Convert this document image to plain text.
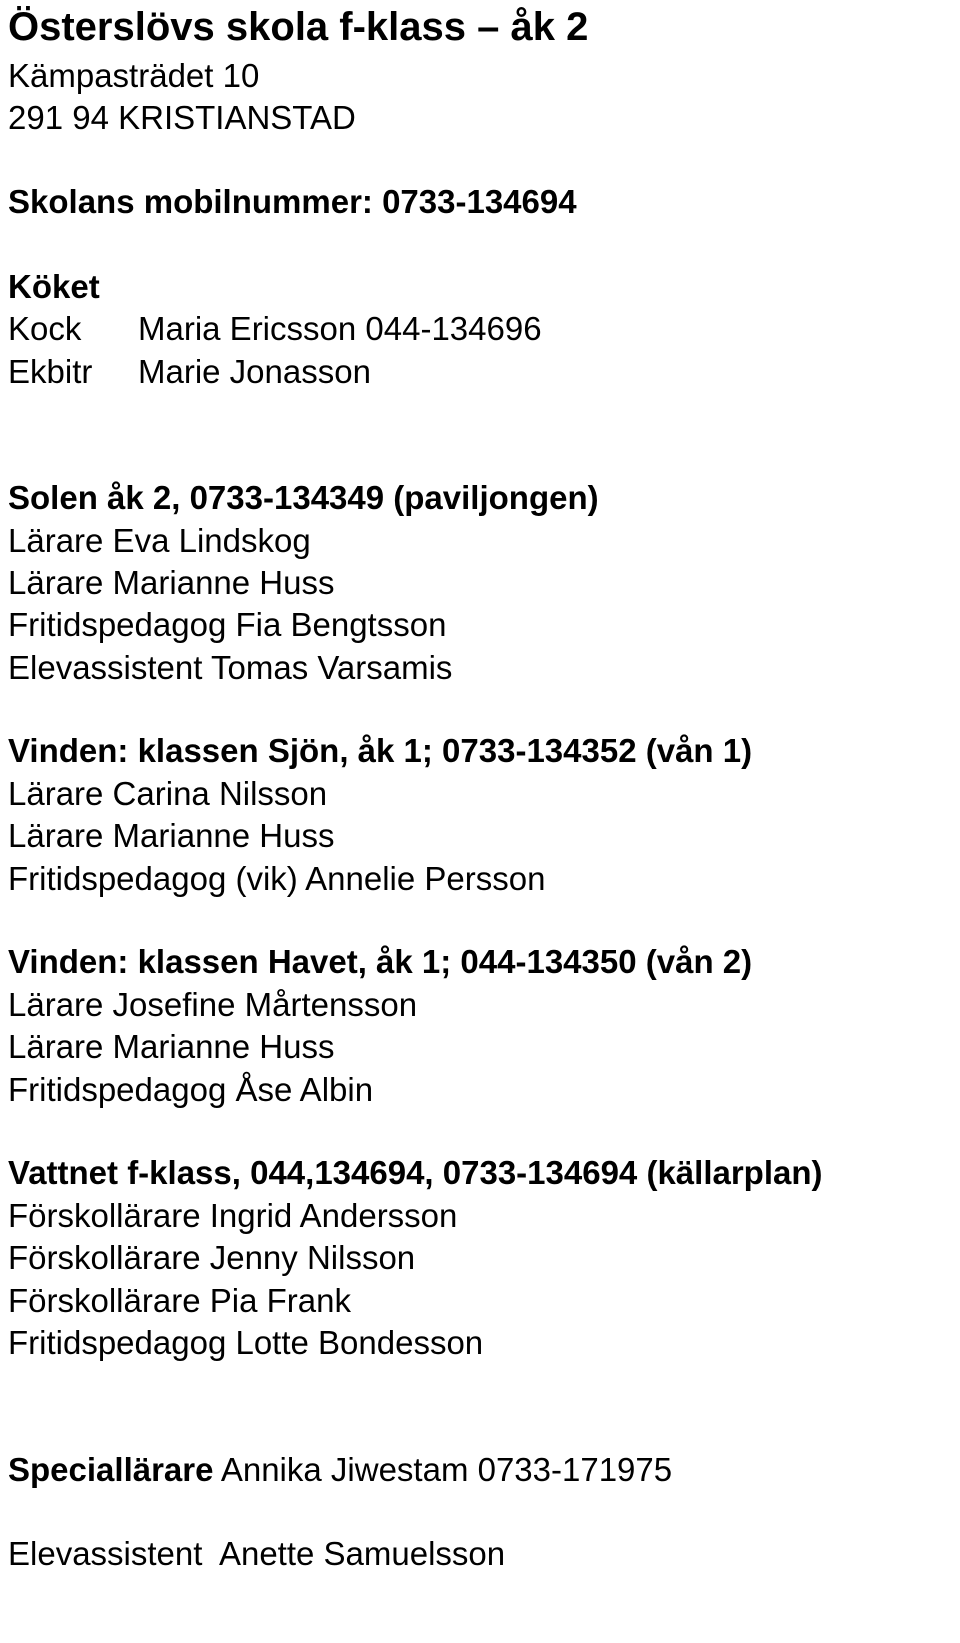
Österslövs skola f-klass – åk 2
Kämpasträdet 10
291 94 KRISTIANSTAD
Skolans mobilnummer: 0733-134694
Köket
Kock Maria Ericsson 044-134696
Ekbitr Marie Jonasson
Solen åk 2, 0733-134349 (paviljongen)
Lärare Eva Lindskog
Lärare Marianne Huss
Fritidspedagog Fia Bengtsson
Elevassistent Tomas Varsamis
Vinden: klassen Sjön, åk 1; 0733-134352 (vån 1)
Lärare Carina Nilsson
Lärare Marianne Huss
Fritidspedagog (vik) Annelie Persson
Vinden: klassen Havet, åk 1; 044-134350 (vån 2)
Lärare Josefine Mårtensson
Lärare Marianne Huss
Fritidspedagog Åse Albin
Vattnet f-klass, 044,134694, 0733-134694 (källarplan)
Förskollärare Ingrid Andersson
Förskollärare Jenny Nilsson
Förskollärare Pia Frank
Fritidspedagog Lotte Bondesson
Speciallärare Annika Jiwestam 0733-171975
Elevassistent  Anette Samuelsson
